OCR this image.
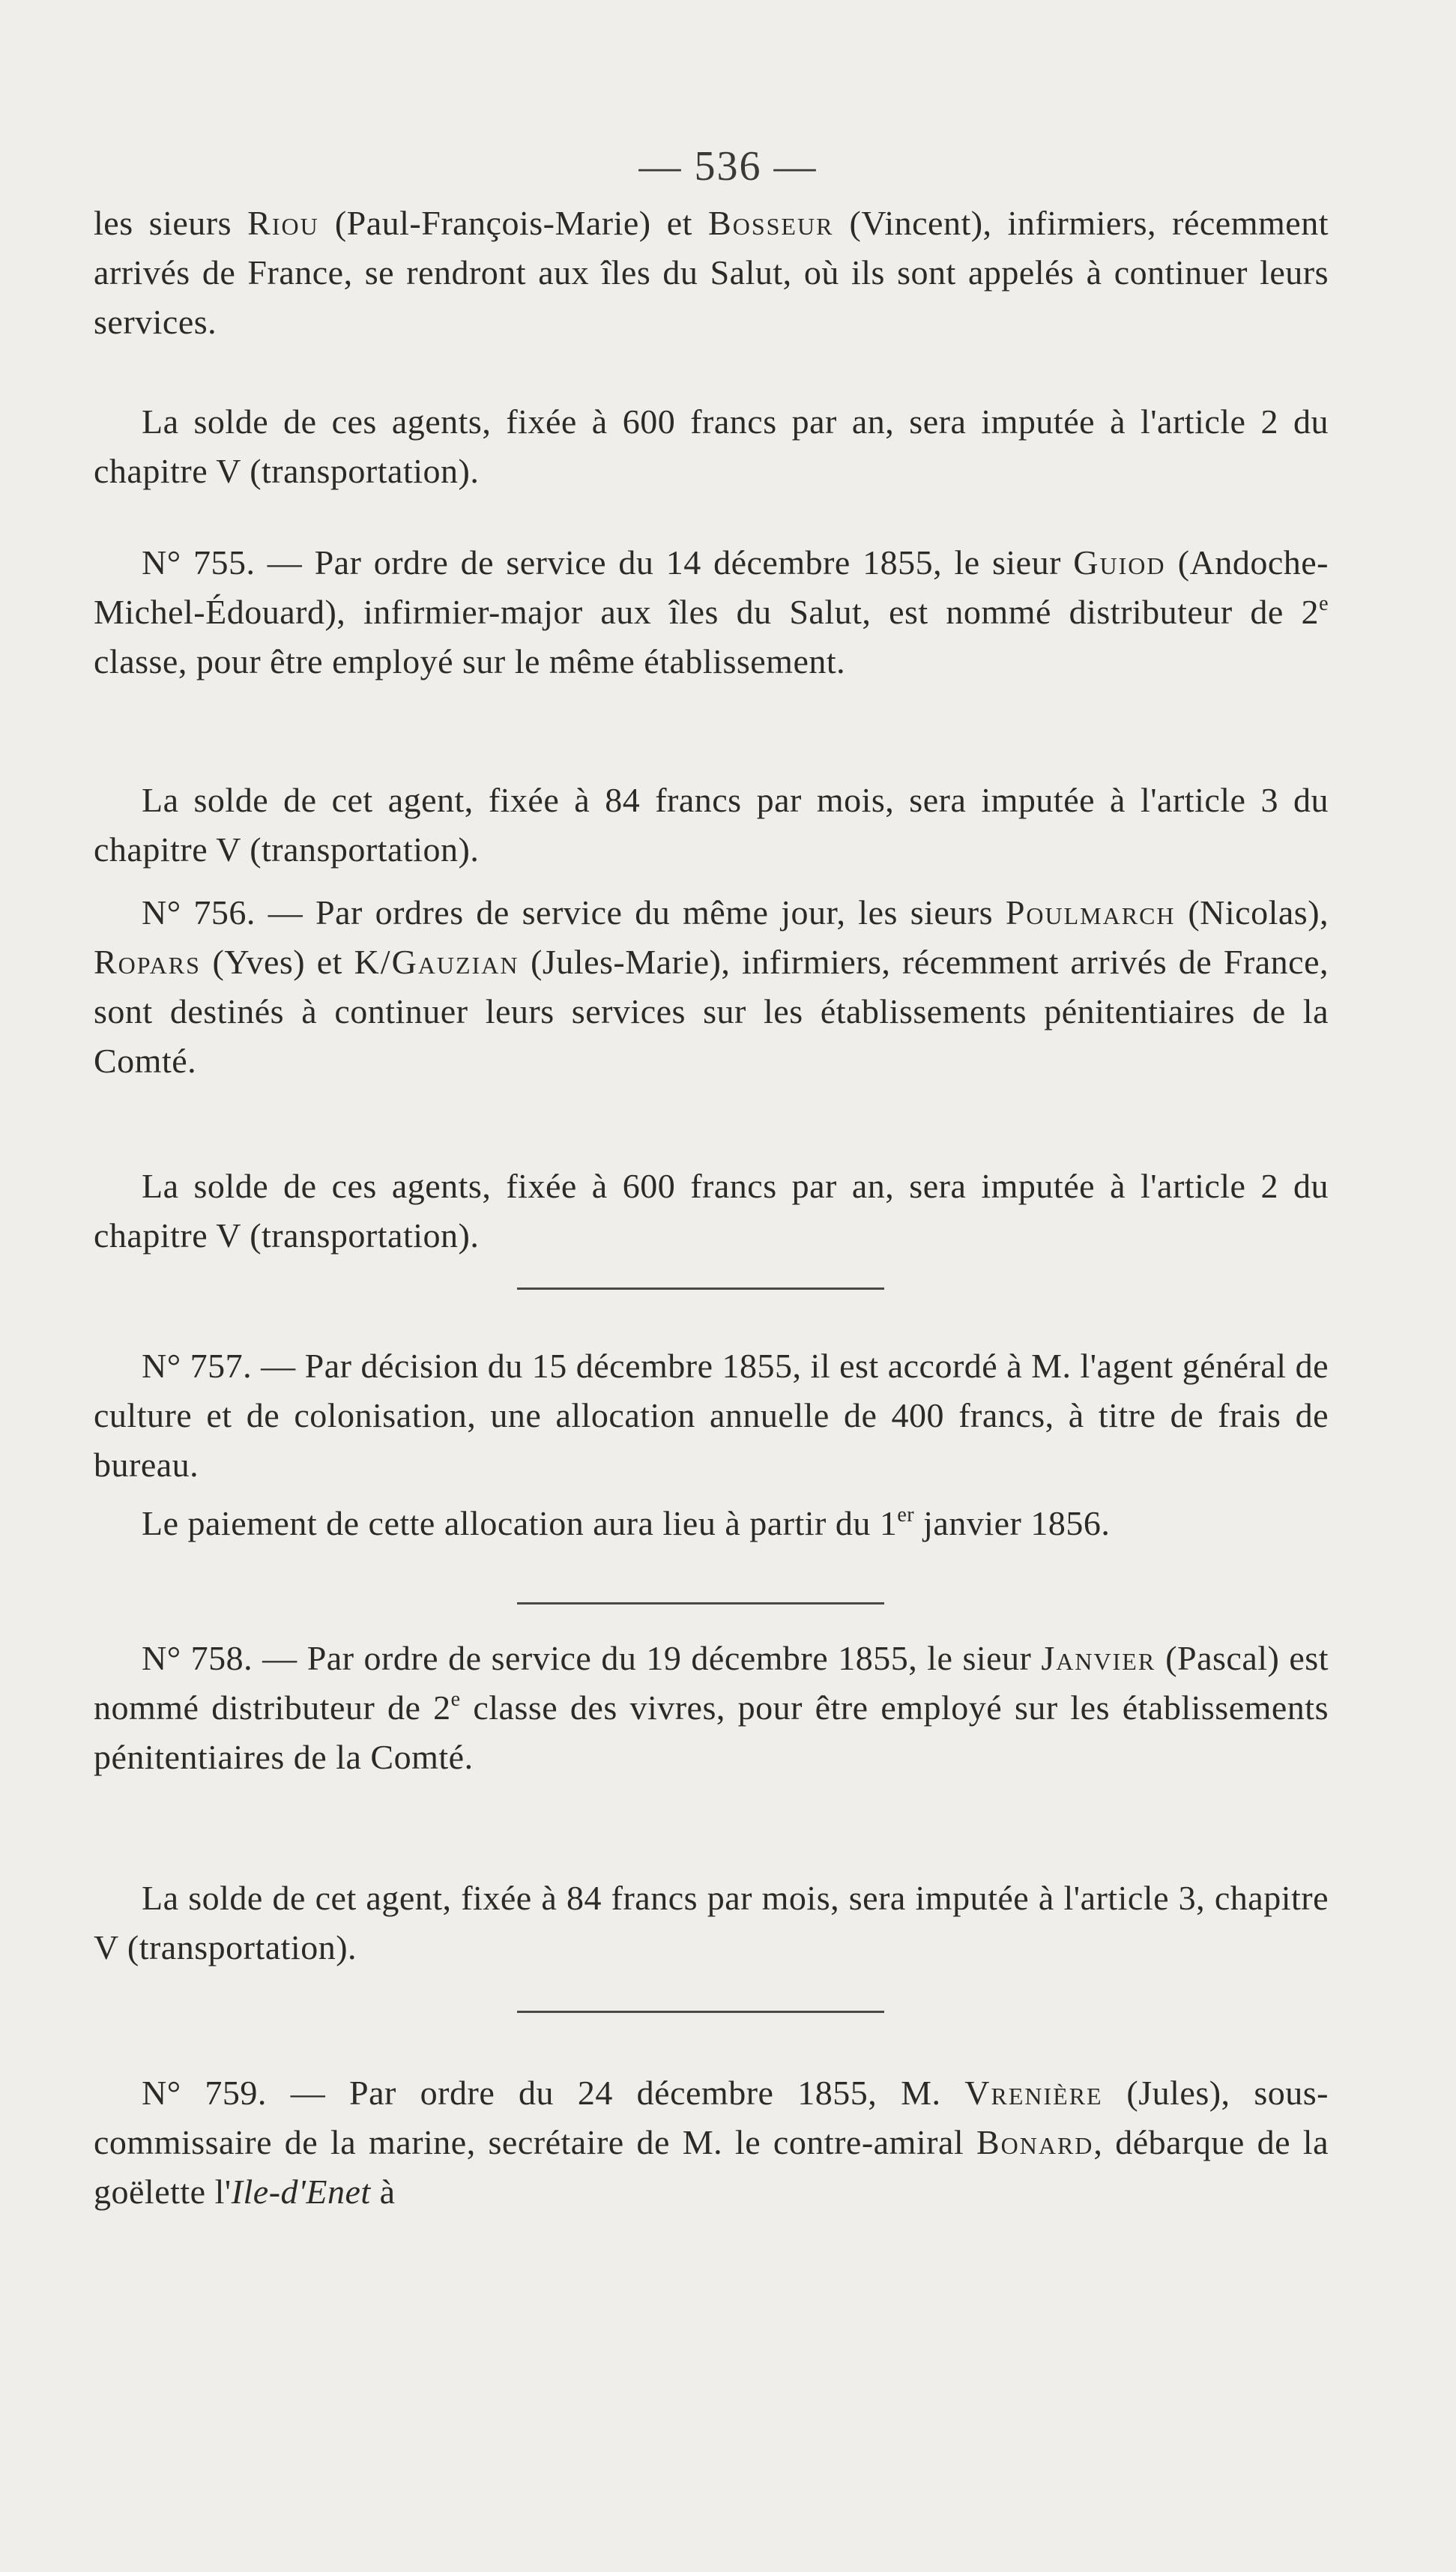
— 536 —

les sieurs Riou (Paul-François-Marie) et Bosseur (Vincent), infirmiers, récemment arrivés de France, se rendront aux îles du Salut, où ils sont appelés à continuer leurs services.

La solde de ces agents, fixée à 600 francs par an, sera imputée à l'article 2 du chapitre V (transportation).

N° 755. — Par ordre de service du 14 décembre 1855, le sieur Guiod (Andoche-Michel-Édouard), infirmier-major aux îles du Salut, est nommé distributeur de 2e classe, pour être employé sur le même établissement.

La solde de cet agent, fixée à 84 francs par mois, sera imputée à l'article 3 du chapitre V (transportation).

N° 756. — Par ordres de service du même jour, les sieurs Poulmarch (Nicolas), Ropars (Yves) et K/Gauzian (Jules-Marie), infirmiers, récemment arrivés de France, sont destinés à continuer leurs services sur les établissements pénitentiaires de la Comté.

La solde de ces agents, fixée à 600 francs par an, sera imputée à l'article 2 du chapitre V (transportation).

N° 757. — Par décision du 15 décembre 1855, il est accordé à M. l'agent général de culture et de colonisation, une allocation annuelle de 400 francs, à titre de frais de bureau.

Le paiement de cette allocation aura lieu à partir du 1er janvier 1856.

N° 758. — Par ordre de service du 19 décembre 1855, le sieur Janvier (Pascal) est nommé distributeur de 2e classe des vivres, pour être employé sur les établissements pénitentiaires de la Comté.

La solde de cet agent, fixée à 84 francs par mois, sera imputée à l'article 3, chapitre V (transportation).

N° 759. — Par ordre du 24 décembre 1855, M. Vrenière (Jules), sous-commissaire de la marine, secrétaire de M. le contre-amiral Bonard, débarque de la goëlette l'Ile-d'Enet à
